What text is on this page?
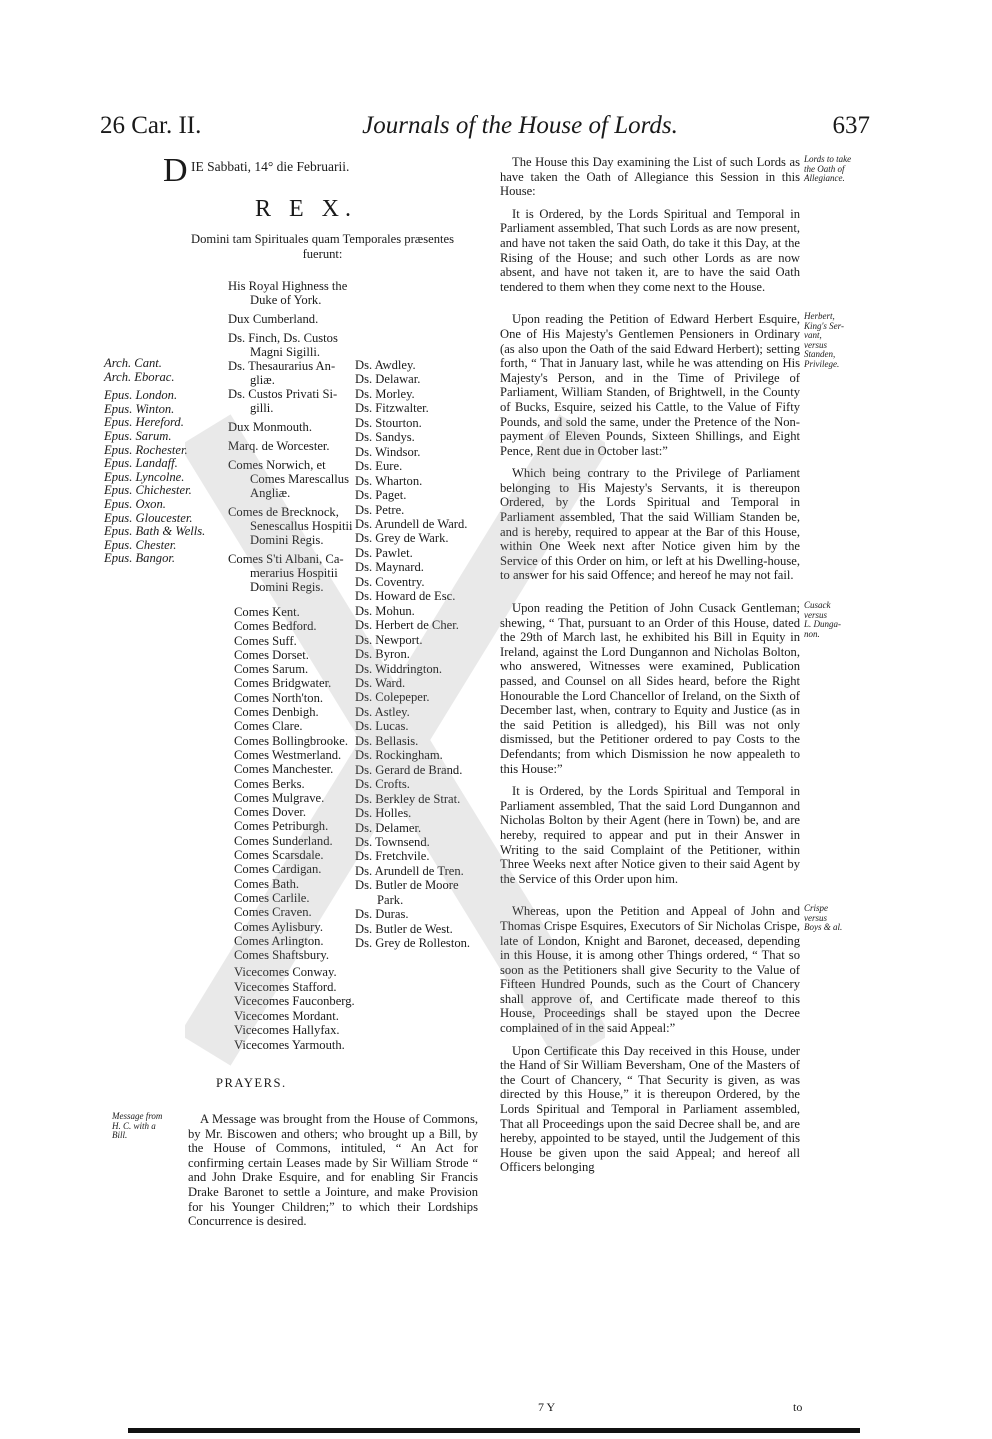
26 Car. II.	Journals of the House of Lords.	637
D IE Sabbati, 14° die Februarii.
R E X.
Domini tam Spirituales quam Temporales præsentes
fuerunt:
Arch. Cant.
Arch. Eborac.
Epus. London.
Epus. Winton.
Epus. Hereford.
Epus. Sarum.
Epus. Rochester.
Epus. Landaff.
Epus. Lyncolne.
Epus. Chichester.
Epus. Oxon.
Epus. Gloucester.
Epus. Bath & Wells.
Epus. Chester.
Epus. Bangor.
His Royal Highness the
Duke of York.
Dux Cumberland.
Ds. Finch, Ds. Custos
Magni Sigilli.
Ds. Thesaurarius An-
gliæ.
Ds. Custos Privati Si-
gilli.
Dux Monmouth.
Marq. de Worcester.
Comes Norwich, et
Comes Marescallus
Angliæ.
Comes de Brecknock,
Senescallus Hospitii
Domini Regis.
Comes S'ti Albani, Ca-
merarius Hospitii
Domini Regis.
Comes Kent.
Comes Bedford.
Comes Suff.
Comes Dorset.
Comes Sarum.
Comes Bridgwater.
Comes North'ton.
Comes Denbigh.
Comes Clare.
Comes Bollingbrooke.
Comes Westmerland.
Comes Manchester.
Comes Berks.
Comes Mulgrave.
Comes Dover.
Comes Petriburgh.
Comes Sunderland.
Comes Scarsdale.
Comes Cardigan.
Comes Bath.
Comes Carlile.
Comes Craven.
Comes Aylisbury.
Comes Arlington.
Comes Shaftsbury.
Vicecomes Conway.
Vicecomes Stafford.
Vicecomes Fauconberg.
Vicecomes Mordant.
Vicecomes Hallyfax.
Vicecomes Yarmouth.
Ds. Awdley.
Ds. Delawar.
Ds. Morley.
Ds. Fitzwalter.
Ds. Stourton.
Ds. Sandys.
Ds. Windsor.
Ds. Eure.
Ds. Wharton.
Ds. Paget.
Ds. Petre.
Ds. Arundell de Ward.
Ds. Grey de Wark.
Ds. Pawlet.
Ds. Maynard.
Ds. Coventry.
Ds. Howard de Esc.
Ds. Mohun.
Ds. Herbert de Cher.
Ds. Newport.
Ds. Byron.
Ds. Widdrington.
Ds. Ward.
Ds. Colepeper.
Ds. Astley.
Ds. Lucas.
Ds. Bellasis.
Ds. Rockingham.
Ds. Gerard de Brand.
Ds. Crofts.
Ds. Berkley de Strat.
Ds. Holles.
Ds. Delamer.
Ds. Townsend.
Ds. Fretchvile.
Ds. Arundell de Tren.
Ds. Butler de Moore
Park.
Ds. Duras.
Ds. Butler de West.
Ds. Grey de Rolleston.
PRAYERS.
Message from
H. C. with a
Bill.
A Message was brought from the House of Commons, by Mr. Biscowen and others; who brought up a Bill, by the House of Commons, intituled, “ An Act for confirming certain Leases made by Sir William Strode “ and John Drake Esquire, and for enabling Sir Francis Drake Baronet to settle a Jointure, and make Provision for his Younger Children;” to which their Lordships Concurrence is desired.

The House this Day examining the List of such Lords as have taken the Oath of Allegiance this Session in this House:

Lords to take
the Oath of
Allegiance.

It is Ordered, by the Lords Spiritual and Temporal in Parliament assembled, That such Lords as are now present, and have not taken the said Oath, do take it this Day, at the Rising of the House; and such other Lords as are now absent, and have not taken it, are to have the said Oath tendered to them when they come next to the House.

Upon reading the Petition of Edward Herbert Esquire, One of His Majesty's Gentlemen Pensioners in Ordinary (as also upon the Oath of the said Edward Herbert); setting forth, “ That in January last, while he was attending on His Majesty's Person, and in the Time of Privilege of Parliament, William Standen, of Brightwell, in the County of Bucks, Esquire, seized his Cattle, to the Value of Fifty Pounds, and sold the same, under the Pretence of the Non-payment of Eleven Pounds, Sixteen Shillings, and Eight Pence, Rent due in October last:”

Herbert,
King's Ser-
vant,
versus
Standen,
Privilege.

Which being contrary to the Privilege of Parliament belonging to His Majesty's Servants, it is thereupon Ordered, by the Lords Spiritual and Temporal in Parliament assembled, That the said William Standen be, and is hereby, required to appear at the Bar of this House, within One Week next after Notice given him by the Service of this Order on him, or left at his Dwelling-house, to answer for his said Offence; and hereof he may not fail.

Upon reading the Petition of John Cusack Gentleman; shewing, “ That, pursuant to an Order of this House, dated the 29th of March last, he exhibited his Bill in Equity in Ireland, against the Lord Dungannon and Nicholas Bolton, who answered, Witnesses were examined, Publication passed, and Counsel on all Sides heard, before the Right Honourable the Lord Chancellor of Ireland, on the Sixth of December last, when, contrary to Equity and Justice (as in the said Petition is alledged), his Bill was not only dismissed, but the Petitioner ordered to pay Costs to the Defendants; from which Dismission he now appealeth to this House:”

Cusack
versus
L. Dunga-
non.

It is Ordered, by the Lords Spiritual and Temporal in Parliament assembled, That the said Lord Dungannon and Nicholas Bolton by their Agent (here in Town) be, and are hereby, required to appear and put in their Answer in Writing to the said Complaint of the Petitioner, within Three Weeks next after Notice given to their said Agent by the Service of this Order upon him.

Whereas, upon the Petition and Appeal of John and Thomas Crispe Esquires, Executors of Sir Nicholas Crispe, late of London, Knight and Baronet, deceased, depending in this House, it is among other Things ordered, “ That so soon as the Petitioners shall give Security to the Value of Fifteen Hundred Pounds, such as the Court of Chancery shall approve of, and Certificate made thereof to this House, Proceedings shall be stayed upon the Decree complained of in the said Appeal:”

Crispe
versus
Boys & al.

Upon Certificate this Day received in this House, under the Hand of Sir William Beversham, One of the Masters of the Court of Chancery, “ That Security is given, as was directed by this House,” it is thereupon Ordered, by the Lords Spiritual and Temporal in Parliament assembled, That all Proceedings upon the said Decree shall be, and are hereby, appointed to be stayed, until the Judgement of this House be given upon the said Appeal; and hereof all Officers belonging

7 Y	to
